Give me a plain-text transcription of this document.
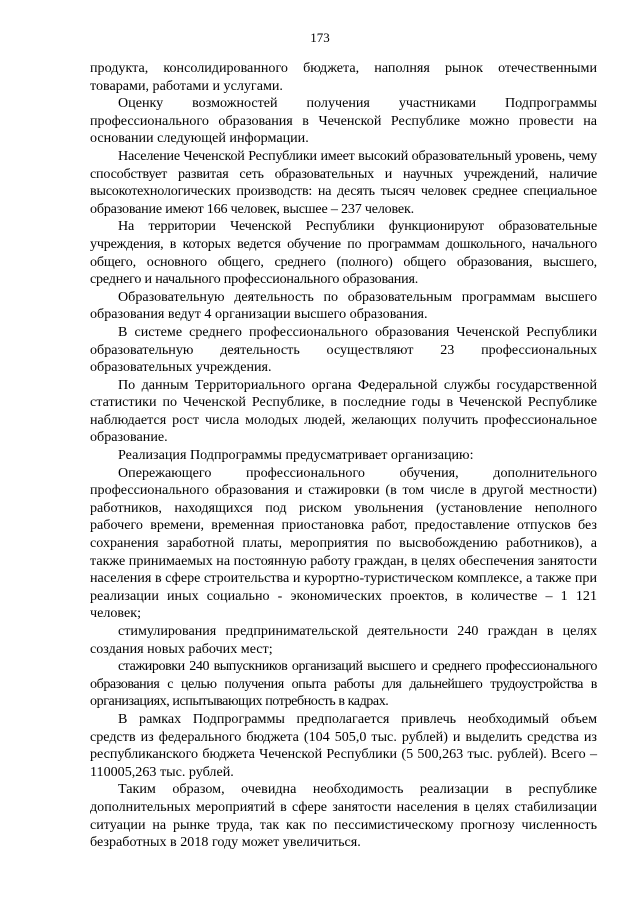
173

продукта, консолидированного бюджета, наполняя рынок отечественными товарами, работами и услугами.

Оценку возможностей получения участниками Подпрограммы профессионального образования в Чеченской Республике можно провести на основании следующей информации.

Население Чеченской Республики имеет высокий образовательный уровень, чему способствует развитая сеть образовательных и научных учреждений, наличие высокотехнологических производств: на десять тысяч человек среднее специальное образование имеют 166 человек, высшее – 237 человек.

На территории Чеченской Республики функционируют образовательные учреждения, в которых ведется обучение по программам дошкольного, начального общего, основного общего, среднего (полного) общего образования, высшего, среднего и начального профессионального образования.

Образовательную деятельность по образовательным программам высшего образования ведут 4 организации высшего образования.

В системе среднего профессионального образования Чеченской Республики образовательную деятельность осуществляют 23 профессиональных образовательных учреждения.

По данным Территориального органа Федеральной службы государственной статистики по Чеченской Республике, в последние годы в Чеченской Республике наблюдается рост числа молодых людей, желающих получить профессиональное образование.

Реализация Подпрограммы предусматривает организацию:

Опережающего профессионального обучения, дополнительного профессионального образования и стажировки (в том числе в другой местности) работников, находящихся под риском увольнения (установление неполного рабочего времени, временная приостановка работ, предоставление отпусков без сохранения заработной платы, мероприятия по высвобождению работников), а также принимаемых на постоянную работу граждан, в целях обеспечения занятости населения в сфере строительства и курортно-туристическом комплексе, а также при реализации иных социально - экономических проектов, в количестве – 1 121 человек;

стимулирования предпринимательской деятельности 240 граждан в целях создания новых рабочих мест;

стажировки 240 выпускников организаций высшего и среднего профессионального образования с целью получения опыта работы для дальнейшего трудоустройства в организациях, испытывающих потребность в кадрах.

В рамках Подпрограммы предполагается привлечь необходимый объем средств из федерального бюджета (104 505,0 тыс. рублей) и выделить средства из республиканского бюджета Чеченской Республики (5 500,263 тыс. рублей). Всего – 110005,263 тыс. рублей.

Таким образом, очевидна необходимость реализации в республике дополнительных мероприятий в сфере занятости населения в целях стабилизации ситуации на рынке труда, так как по пессимистическому прогнозу численность безработных в 2018 году может увеличиться.
